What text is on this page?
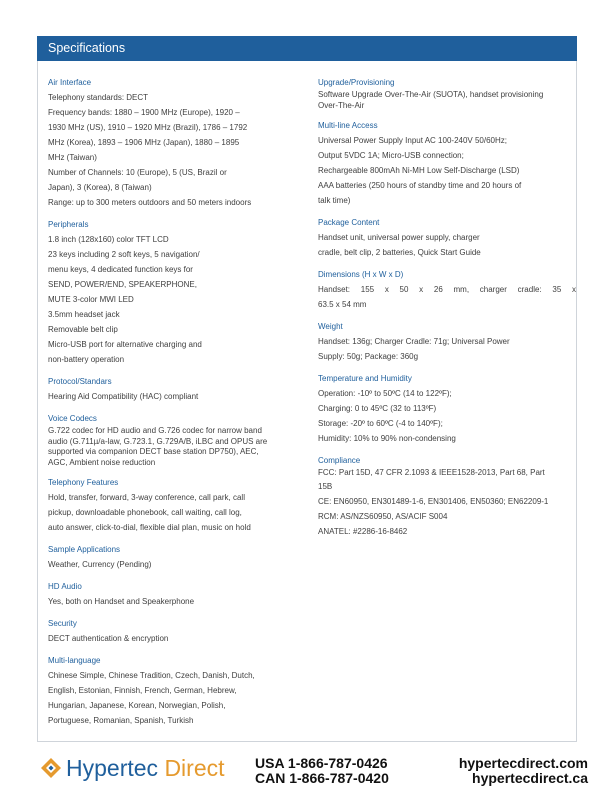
Specifications
Air Interface
Telephony standards: DECT
Frequency bands: 1880 – 1900 MHz (Europe), 1920 –
1930 MHz (US), 1910 – 1920 MHz (Brazil), 1786 – 1792
MHz (Korea), 1893 – 1906 MHz (Japan), 1880 – 1895
MHz (Taiwan)
Number of Channels: 10 (Europe), 5 (US, Brazil or
Japan), 3 (Korea), 8 (Taiwan)
Range: up to 300 meters outdoors and 50 meters indoors
Peripherals
1.8 inch (128x160) color TFT LCD
23 keys including 2 soft keys, 5 navigation/
menu keys, 4 dedicated function keys for
SEND, POWER/END, SPEAKERPHONE,
MUTE 3-color MWI LED
3.5mm headset jack
Removable belt clip
Micro-USB port for alternative charging and
non-battery operation
Protocol/Standars
Hearing Aid Compatibility (HAC) compliant
Voice Codecs
G.722 codec for HD audio and G.726 codec for narrow band
audio (G.711µ/a-law, G.723.1, G.729A/B, iLBC and OPUS are
supported via companion DECT base station DP750), AEC,
AGC, Ambient noise reduction
Telephony Features
Hold, transfer, forward, 3-way conference, call park, call
pickup, downloadable phonebook, call waiting, call log,
auto answer, click-to-dial, flexible dial plan, music on hold
Sample Applications
Weather, Currency (Pending)
HD Audio
Yes, both on Handset and Speakerphone
Security
DECT authentication & encryption
Multi-language
Chinese Simple, Chinese Tradition, Czech, Danish, Dutch,
English, Estonian, Finnish, French, German, Hebrew,
Hungarian, Japanese, Korean, Norwegian, Polish,
Portuguese, Romanian, Spanish, Turkish
Upgrade/Provisioning
Software Upgrade Over-The-Air (SUOTA), handset provisioning
Over-The-Air
Multi-line Access
Universal Power Supply Input AC 100-240V 50/60Hz;
Output 5VDC 1A; Micro-USB connection;
Rechargeable 800mAh Ni-MH Low Self-Discharge (LSD)
AAA batteries (250 hours of standby time and 20 hours of
talk time)
Package Content
Handset unit, universal power supply, charger
cradle, belt clip, 2 batteries, Quick Start Guide
Dimensions (H x W x D)
Handset: 155 x 50 x 26 mm, charger cradle: 35 x
63.5 x 54 mm
Weight
Handset: 136g; Charger Cradle: 71g; Universal Power
Supply: 50g; Package: 360g
Temperature and Humidity
Operation: -10º to 50ºC (14 to 122ºF);
Charging: 0 to 45ºC (32 to 113ºF)
Storage: -20º to 60ºC (-4 to 140ºF);
Humidity: 10% to 90% non-condensing
Compliance
FCC: Part 15D, 47 CFR 2.1093 & IEEE1528-2013, Part 68, Part
15B
CE: EN60950, EN301489-1-6, EN301406, EN50360; EN62209-1
RCM: AS/NZS60950, AS/ACIF S004
ANATEL: #2286-16-8462
Hypertec Direct USA 1-866-787-0426
CAN 1-866-787-0420
hypertecdirect.com
hypertecdirect.ca
